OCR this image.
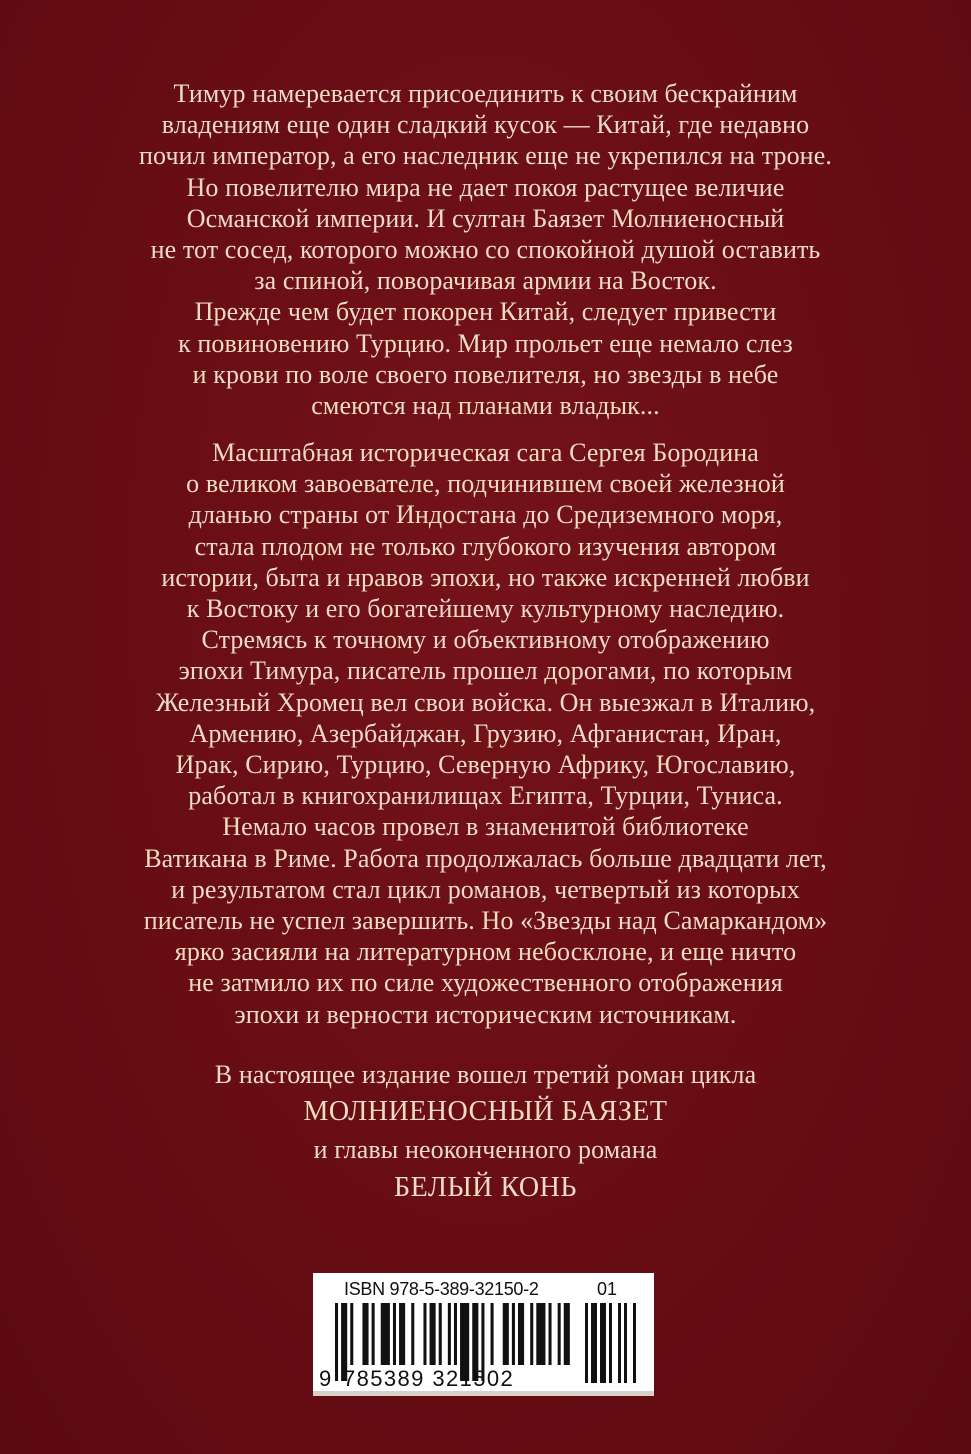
Тимур намеревается присоединить к своим бескрайним
владениям еще один сладкий кусок — Китай, где недавно
почил император, а его наследник еще не укрепился на троне.
Но повелителю мира не дает покоя растущее величие
Османской империи. И султан Баязет Молниеносный
не тот сосед, которого можно со спокойной душой оставить
за спиной, поворачивая армии на Восток.
Прежде чем будет покорен Китай, следует привести
к повиновению Турцию. Мир прольет еще немало слез
и крови по воле своего повелителя, но звезды в небе
смеются над планами владык...
Масштабная историческая сага Сергея Бородина
о великом завоевателе, подчинившем своей железной
дланью страны от Индостана до Средиземного моря,
стала плодом не только глубокого изучения автором
истории, быта и нравов эпохи, но также искренней любви
к Востоку и его богатейшему культурному наследию.
Стремясь к точному и объективному отображению
эпохи Тимура, писатель прошел дорогами, по которым
Железный Хромец вел свои войска. Он выезжал в Италию,
Армению, Азербайджан, Грузию, Афганистан, Иран,
Ирак, Сирию, Турцию, Северную Африку, Югославию,
работал в книгохранилищах Египта, Турции, Туниса.
Немало часов провел в знаменитой библиотеке
Ватикана в Риме. Работа продолжалась больше двадцати лет,
и результатом стал цикл романов, четвертый из которых
писатель не успел завершить. Но «Звезды над Самаркандом»
ярко засияли на литературном небосклоне, и еще ничто
не затмило их по силе художественного отображения
эпохи и верности историческим источникам.
В настоящее издание вошел третий роман цикла
МОЛНИЕНОСНЫЙ БАЯЗЕТ
и главы неоконченного романа
БЕЛЫЙ КОНЬ
ISBN 978-5-389-32150-2	01
9 785389 321502
